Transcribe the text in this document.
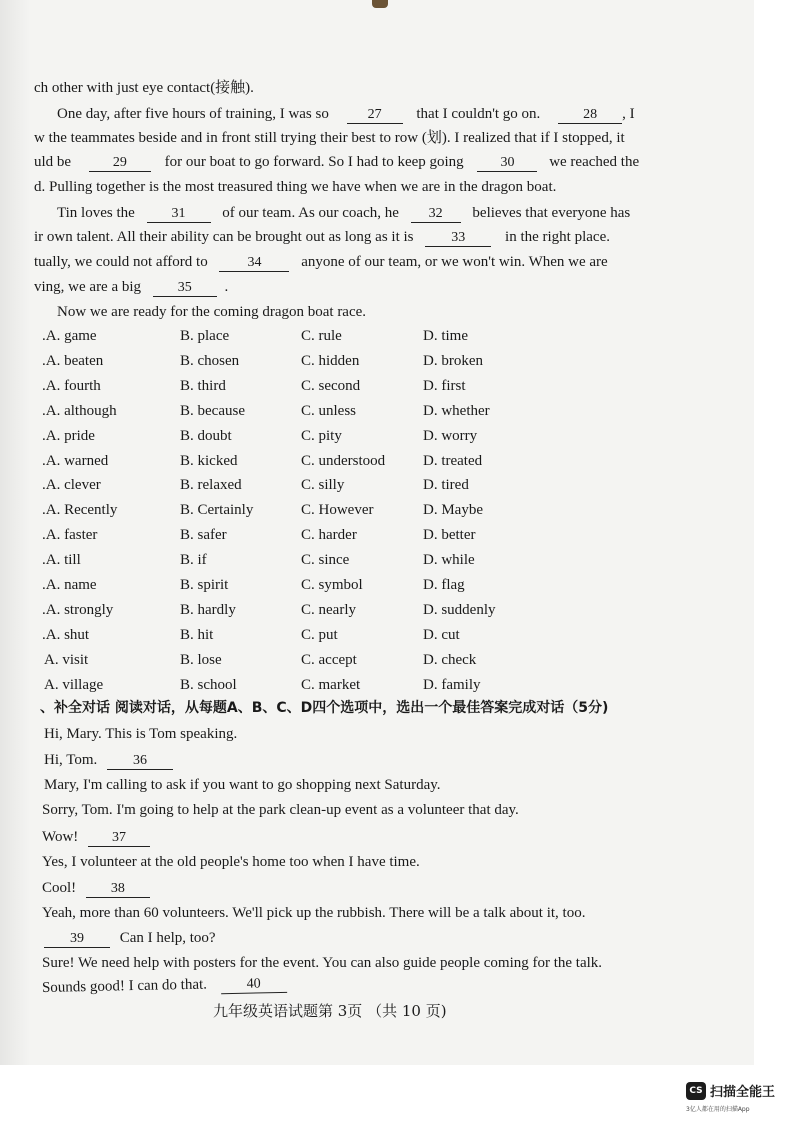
ch other with just eye contact(接触).
One day, after five hours of training, I was so	27 that I couldn't go on.	28 , I
w the teammates beside and in front still trying their best to row (划). I realized that if I stopped, it
uld be	29	for our boat to go forward. So I had to keep going	30 we reached the
d. Pulling together is the most treasured thing we have when we are in the dragon boat.
Tin loves the	31 of our team. As our coach, he 32 believes that everyone has
ir own talent. All their ability can be brought out as long as it is	33	in the right place.
tually, we could not afford to	34	anyone of our team, or we won't win. When we are
ving, we are a big	35 .
Now we are ready for the coming dragon boat race.
.A. game	B. place	C. rule	D. time
.A. beaten	B. chosen	C. hidden	D. broken
.A. fourth	B. third	C. second	D. first
.A. although	B. because	C. unless	D. whether
.A. pride	B. doubt	C. pity	D. worry
.A. warned	B. kicked	C. understood	D. treated
.A. clever	B. relaxed	C. silly	D. tired
.A. Recently	B. Certainly	C. However	D. Maybe
.A. faster	B. safer	C. harder	D. better
.A. till	B. if	C. since	D. while
.A. name	B. spirit	C. symbol	D. flag
.A. strongly	B. hardly	C. nearly	D. suddenly
.A. shut	B. hit	C. put	D. cut
A. visit	B. lose	C. accept	D. check
A. village	B. school	C. market	D. family
、补全对话 阅读对话，从每题A、B、C、D四个选项中，选出一个最佳答案完成对话（5分)
Hi, Mary. This is Tom speaking.
Hi, Tom.	36
Mary, I'm calling to ask if you want to go shopping next Saturday.
Sorry, Tom. I'm going to help at the park clean-up event as a volunteer that day.
Wow! 37
Yes, I volunteer at the old people's home too when I have time.
Cool! 38
Yeah, more than 60 volunteers. We'll pick up the rubbish. There will be a talk about it, too.
39 Can I help, too?
Sure! We need help with posters for the event. You can also guide people coming for the talk.
Sounds good! I can do that.	40
九年级英语试题第 3页 （共 10 页)
CS 扫描全能王
3亿人都在用的扫描App
